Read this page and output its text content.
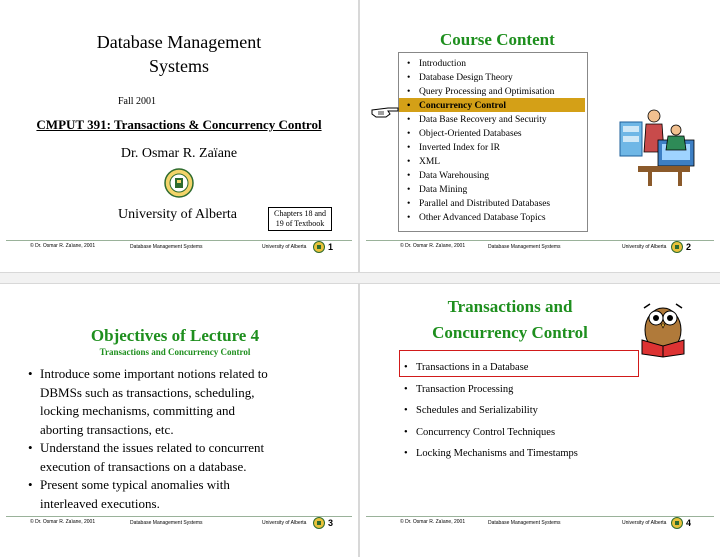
Database Management
Systems
Fall 2001
CMPUT 391: Transactions & Concurrency Control
Dr. Osmar R. Zaïane
University of Alberta	Chapters 18 and
19 of Textbook
© Dr. Osmar R. Zaïane, 2001	Database Management Systems	University of Alberta 1
Course Content
• Introduction
• Database Design Theory
• Query Processing and Optimisation
• Concurrency Control
• Data Base Recovery and Security
• Object-Oriented Databases
• Inverted Index for IR
• XML
• Data Warehousing
• Data Mining
• Parallel and Distributed Databases
• Other Advanced Database Topics
© Dr. Osmar R. Zaïane, 2001	Database Management Systems	University of Alberta 2
Objectives of Lecture 4
Transactions and Concurrency Control
• Introduce some important notions related to
DBMSs such as transactions, scheduling,
locking mechanisms, committing and
aborting transactions, etc.
• Understand the issues related to concurrent
execution of transactions on a database.
• Present some typical anomalies with
interleaved executions.
© Dr. Osmar R. Zaïane, 2001	Database Management Systems	University of Alberta 3
Transactions and
Concurrency Control
• Transactions in a Database
• Transaction Processing
• Schedules and Serializability
• Concurrency Control Techniques
• Locking Mechanisms and Timestamps
© Dr. Osmar R. Zaïane, 2001	Database Management Systems	University of Alberta 4
